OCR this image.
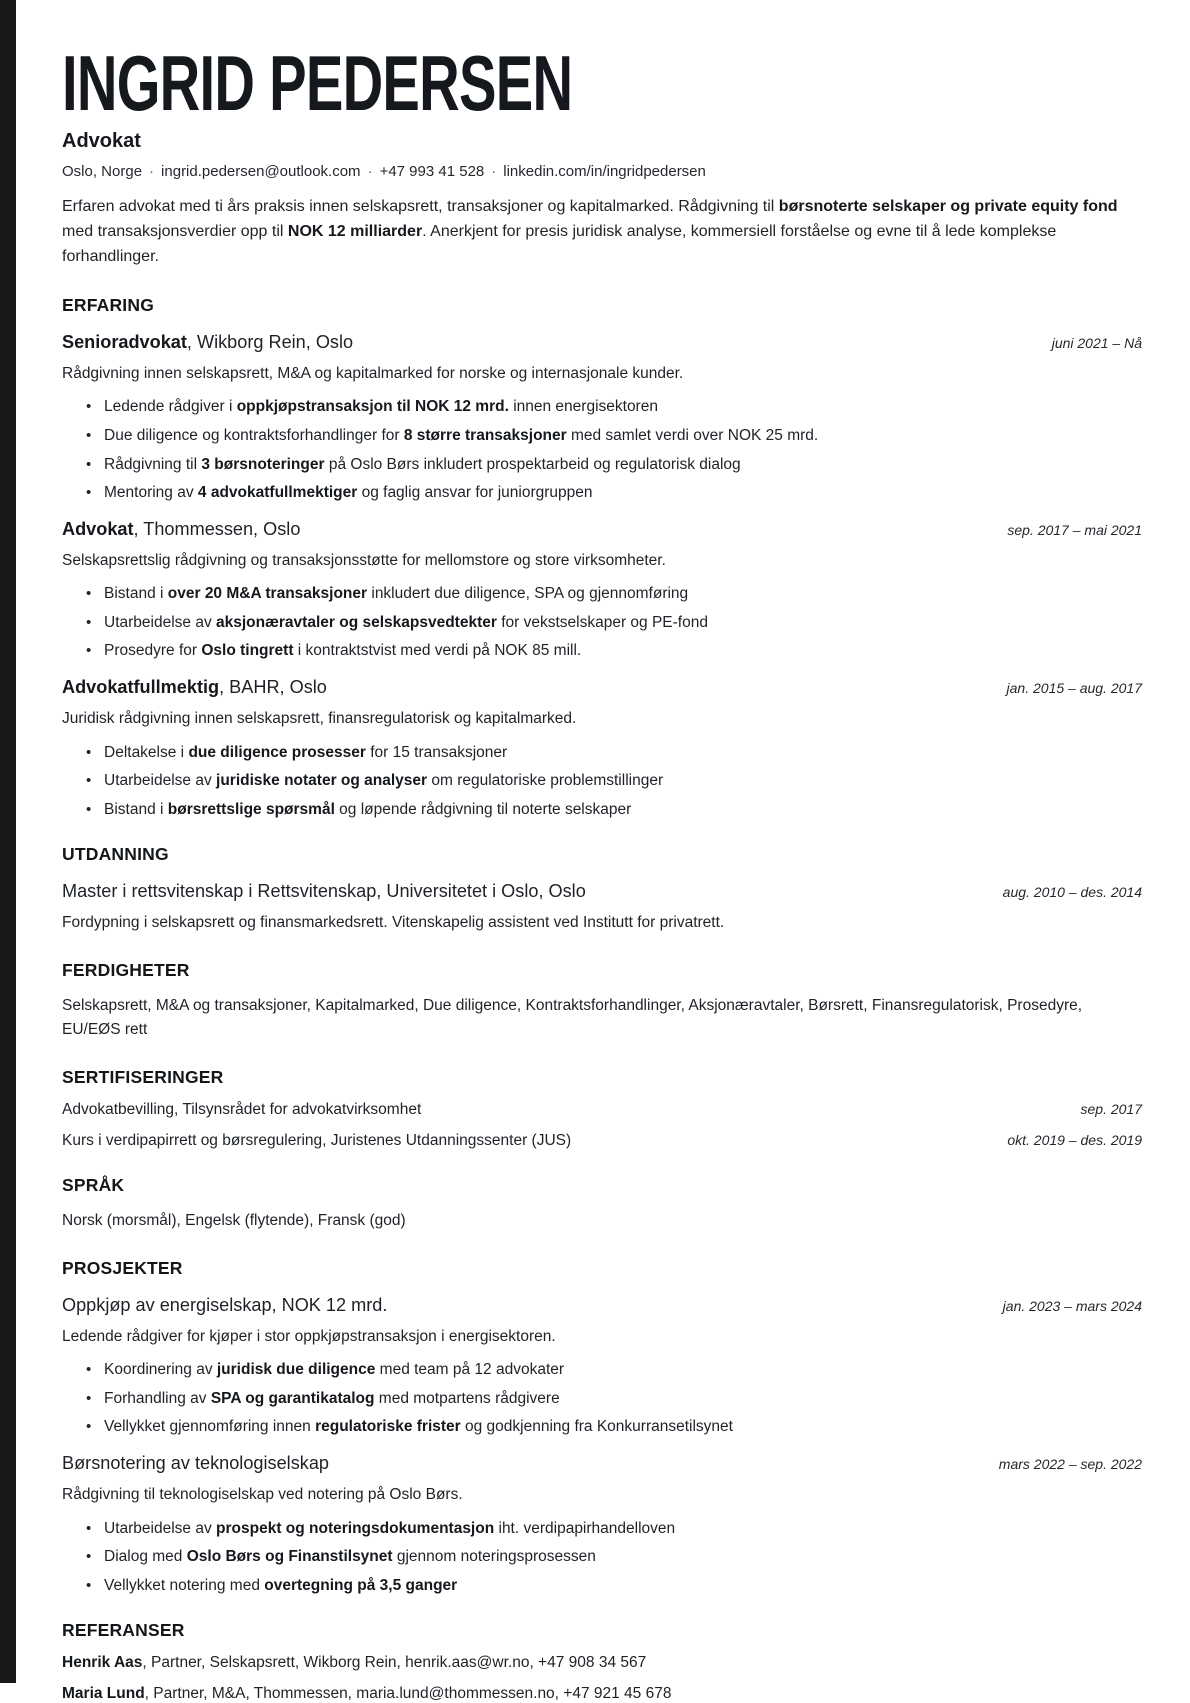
INGRID PEDERSEN
Advokat
Oslo, Norge · ingrid.pedersen@outlook.com · +47 993 41 528 · linkedin.com/in/ingridpedersen

Erfaren advokat med ti års praksis innen selskapsrett, transaksjoner og kapitalmarked. Rådgivning til børsnoterte selskaper og private equity fond med transaksjonsverdier opp til NOK 12 milliarder. Anerkjent for presis juridisk analyse, kommersiell forståelse og evne til å lede komplekse forhandlinger.

ERFARING
Senioradvokat, Wikborg Rein, Oslo	juni 2021 – Nå

Rådgivning innen selskapsrett, M&A og kapitalmarked for norske og internasjonale kunder.

• Ledende rådgiver i oppkjøpstransaksjon til NOK 12 mrd. innen energisektoren
• Due diligence og kontraktsforhandlinger for 8 større transaksjoner med samlet verdi over NOK 25 mrd.
• Rådgivning til 3 børsnoteringer på Oslo Børs inkludert prospektarbeid og regulatorisk dialog
• Mentoring av 4 advokatfullmektiger og faglig ansvar for juniorgruppen
Advokat, Thommessen, Oslo	sep. 2017 – mai 2021

Selskapsrettslig rådgivning og transaksjonsstøtte for mellomstore og store virksomheter.

• Bistand i over 20 M&A transaksjoner inkludert due diligence, SPA og gjennomføring
• Utarbeidelse av aksjonæravtaler og selskapsvedtekter for vekstselskaper og PE-fond
• Prosedyre for Oslo tingrett i kontraktstvist med verdi på NOK 85 mill.
Advokatfullmektig, BAHR, Oslo	jan. 2015 – aug. 2017

Juridisk rådgivning innen selskapsrett, finansregulatorisk og kapitalmarked.

• Deltakelse i due diligence prosesser for 15 transaksjoner
• Utarbeidelse av juridiske notater og analyser om regulatoriske problemstillinger
• Bistand i børsrettslige spørsmål og løpende rådgivning til noterte selskaper
UTDANNING
Master i rettsvitenskap i Rettsvitenskap, Universitetet i Oslo, Oslo	aug. 2010 – des. 2014

Fordypning i selskapsrett og finansmarkedsrett. Vitenskapelig assistent ved Institutt for privatrett.

FERDIGHETER

Selskapsrett, M&A og transaksjoner, Kapitalmarked, Due diligence, Kontraktsforhandlinger, Aksjonæravtaler, Børsrett, Finansregulatorisk, Prosedyre, EU/EØS rett

SERTIFISERINGER
Advokatbevilling, Tilsynsrådet for advokatvirksomhet	sep. 2017
Kurs i verdipapirrett og børsregulering, Juristenes Utdanningssenter (JUS)	okt. 2019 – des. 2019
SPRÅK

Norsk (morsmål), Engelsk (flytende), Fransk (god)

PROSJEKTER
Oppkjøp av energiselskap, NOK 12 mrd.	jan. 2023 – mars 2024

Ledende rådgiver for kjøper i stor oppkjøpstransaksjon i energisektoren.

• Koordinering av juridisk due diligence med team på 12 advokater
• Forhandling av SPA og garantikatalog med motpartens rådgivere
• Vellykket gjennomføring innen regulatoriske frister og godkjenning fra Konkurransetilsynet
Børsnotering av teknologiselskap	mars 2022 – sep. 2022

Rådgivning til teknologiselskap ved notering på Oslo Børs.

• Utarbeidelse av prospekt og noteringsdokumentasjon iht. verdipapirhandelloven
• Dialog med Oslo Børs og Finanstilsynet gjennom noteringsprosessen
• Vellykket notering med overtegning på 3,5 ganger
REFERANSER

Henrik Aas, Partner, Selskapsrett, Wikborg Rein, henrik.aas@wr.no, +47 908 34 567

Maria Lund, Partner, M&A, Thommessen, maria.lund@thommessen.no, +47 921 45 678
